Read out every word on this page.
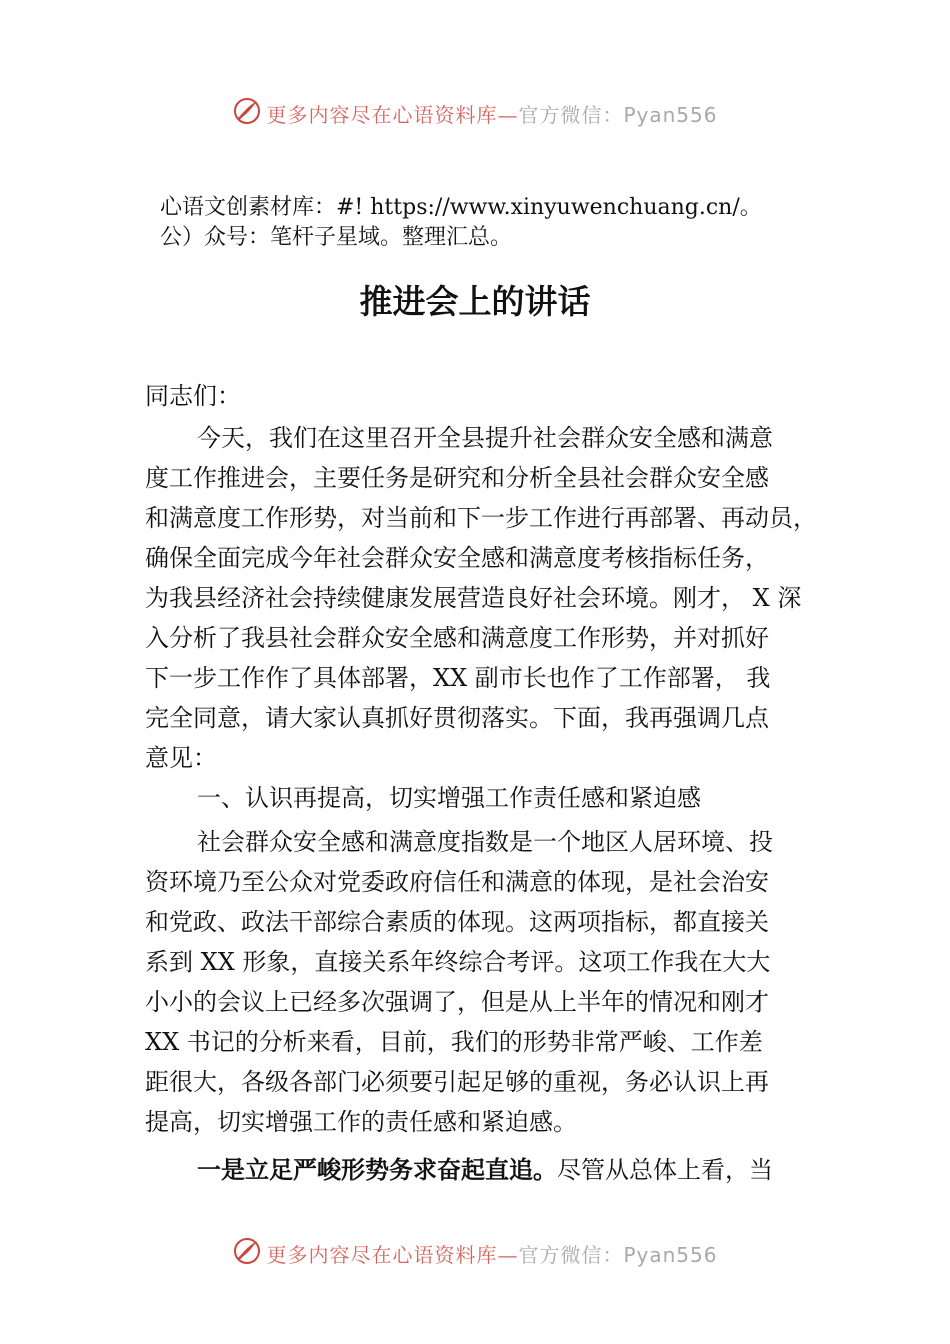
更多内容尽在心语资料库—官方微信：Pyan556
心语文创素材库：#! https://www.xinyuwenchuang.cn/。
公）众号：笔杆子星域。整理汇总。
推进会上的讲话
同志们：
今天，我们在这里召开全县提升社会群众安全感和满意
度工作推进会，主要任务是研究和分析全县社会群众安全感
和满意度工作形势，对当前和下一步工作进行再部署、再动员，
确保全面完成今年社会群众安全感和满意度考核指标任务，
为我县经济社会持续健康发展营造良好社会环境。刚才， X 深
入分析了我县社会群众安全感和满意度工作形势，并对抓好
下一步工作作了具体部署，XX 副市长也作了工作部署， 我
完全同意，请大家认真抓好贯彻落实。下面，我再强调几点
意见：
一、认识再提高，切实增强工作责任感和紧迫感
社会群众安全感和满意度指数是一个地区人居环境、投
资环境乃至公众对党委政府信任和满意的体现，是社会治安
和党政、政法干部综合素质的体现。这两项指标，都直接关
系到 XX 形象，直接关系年终综合考评。这项工作我在大大
小小的会议上已经多次强调了，但是从上半年的情况和刚才
XX 书记的分析来看，目前，我们的形势非常严峻、工作差
距很大，各级各部门必须要引起足够的重视，务必认识上再
提高，切实增强工作的责任感和紧迫感。
一是立足严峻形势务求奋起直追。尽管从总体上看，当
更多内容尽在心语资料库—官方微信：Pyan556
